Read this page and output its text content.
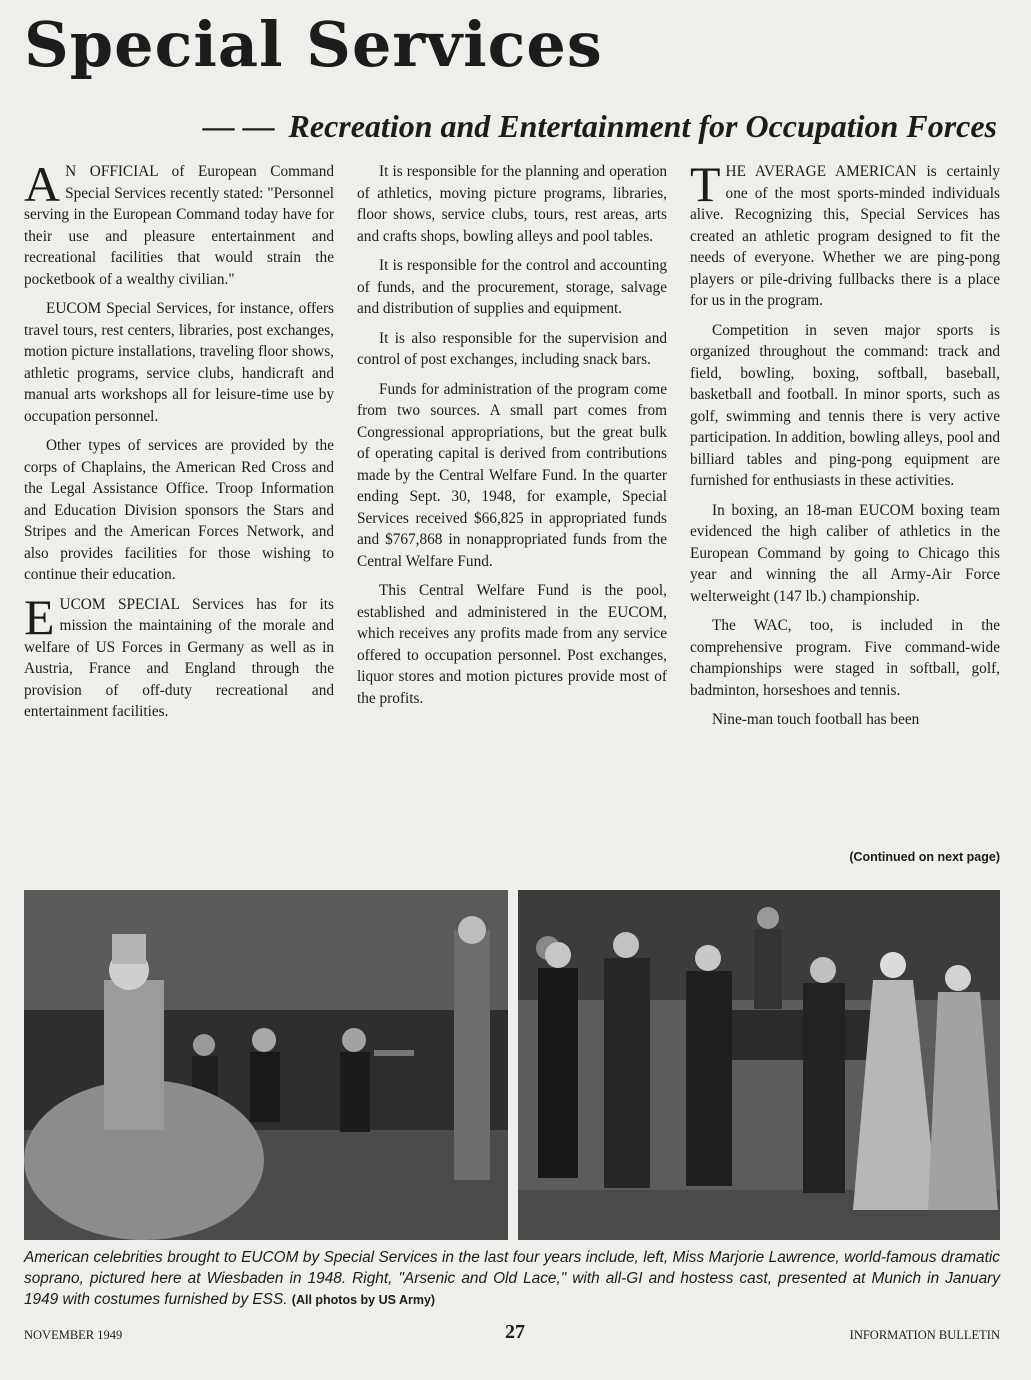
Special Services
— — Recreation and Entertainment for Occupation Forces

A N OFFICIAL of European Command Special Services recently stated: "Personnel serving in the European Command today have for their use and pleasure entertainment and recreational facilities that would strain the pocketbook of a wealthy civilian."

EUCOM Special Services, for instance, offers travel tours, rest centers, libraries, post exchanges, motion picture installations, traveling floor shows, athletic programs, service clubs, handicraft and manual arts workshops all for leisure-time use by occupation personnel.

Other types of services are provided by the corps of Chaplains, the American Red Cross and the Legal Assistance Office. Troop Information and Education Division sponsors the Stars and Stripes and the American Forces Network, and also provides facilities for those wishing to continue their education.

EUCOM SPECIAL Services has for its mission the maintaining of the morale and welfare of US Forces in Germany as well as in Austria, France and England through the provision of off-duty recreational and entertainment facilities.

It is responsible for the planning and operation of athletics, moving picture programs, libraries, floor shows, service clubs, tours, rest areas, arts and crafts shops, bowling alleys and pool tables.

It is responsible for the control and accounting of funds, and the procurement, storage, salvage and distribution of supplies and equipment.

It is also responsible for the supervision and control of post exchanges, including snack bars.

Funds for administration of the program come from two sources. A small part comes from Congressional appropriations, but the great bulk of operating capital is derived from contributions made by the Central Welfare Fund. In the quarter ending Sept. 30, 1948, for example, Special Services received $66,825 in appropriated funds and $767,868 in nonappropriated funds from the Central Welfare Fund.

This Central Welfare Fund is the pool, established and administered in the EUCOM, which receives any profits made from any service offered to occupation personnel. Post exchanges, liquor stores and motion pictures provide most of the profits.

THE AVERAGE AMERICAN is certainly one of the most sports-minded individuals alive. Recognizing this, Special Services has created an athletic program designed to fit the needs of everyone. Whether we are ping-pong players or pile-driving fullbacks there is a place for us in the program.

Competition in seven major sports is organized throughout the command: track and field, bowling, boxing, softball, baseball, basketball and football. In minor sports, such as golf, swimming and tennis there is very active participation. In addition, bowling alleys, pool and billiard tables and ping-pong equipment are furnished for enthusiasts in these activities.

In boxing, an 18-man EUCOM boxing team evidenced the high caliber of athletics in the European Command by going to Chicago this year and winning the all Army-Air Force welterweight (147 lb.) championship.

The WAC, too, is included in the comprehensive program. Five command-wide championships were staged in softball, golf, badminton, horseshoes and tennis.

Nine-man touch football has been

(Continued on next page)
American celebrities brought to EUCOM by Special Services in the last four years include, left, Miss Marjorie Lawrence, world-famous dramatic soprano, pictured here at Wiesbaden in 1948. Right, "Arsenic and Old Lace," with all-GI and hostess cast, presented at Munich in January 1949 with costumes furnished by ESS. (All photos by US Army)
NOVEMBER 1949	27	INFORMATION BULLETIN
